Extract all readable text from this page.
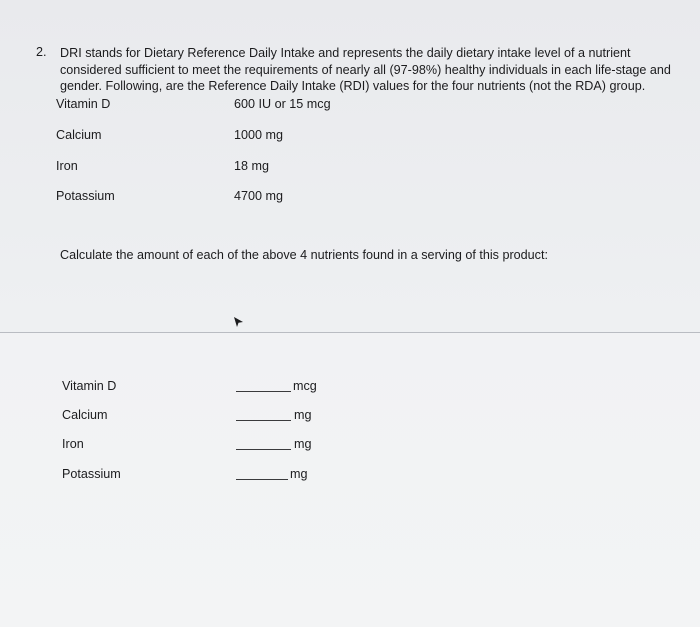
2. DRI stands for Dietary Reference Daily Intake and represents the daily dietary intake level of a nutrient considered sufficient to meet the requirements of nearly all (97-98%) healthy individuals in each life-stage and gender. Following, are the Reference Daily Intake (RDI) values for the four nutrients (not the RDA) group.

Vitamin D	600 IU or 15 mcg
Calcium	1000 mg
Iron	18 mg
Potassium	4700 mg
Calculate the amount of each of the above 4 nutrients found in a serving of this product:
Vitamin D	mcg
Calcium	mg
Iron	mg
Potassium	mg
